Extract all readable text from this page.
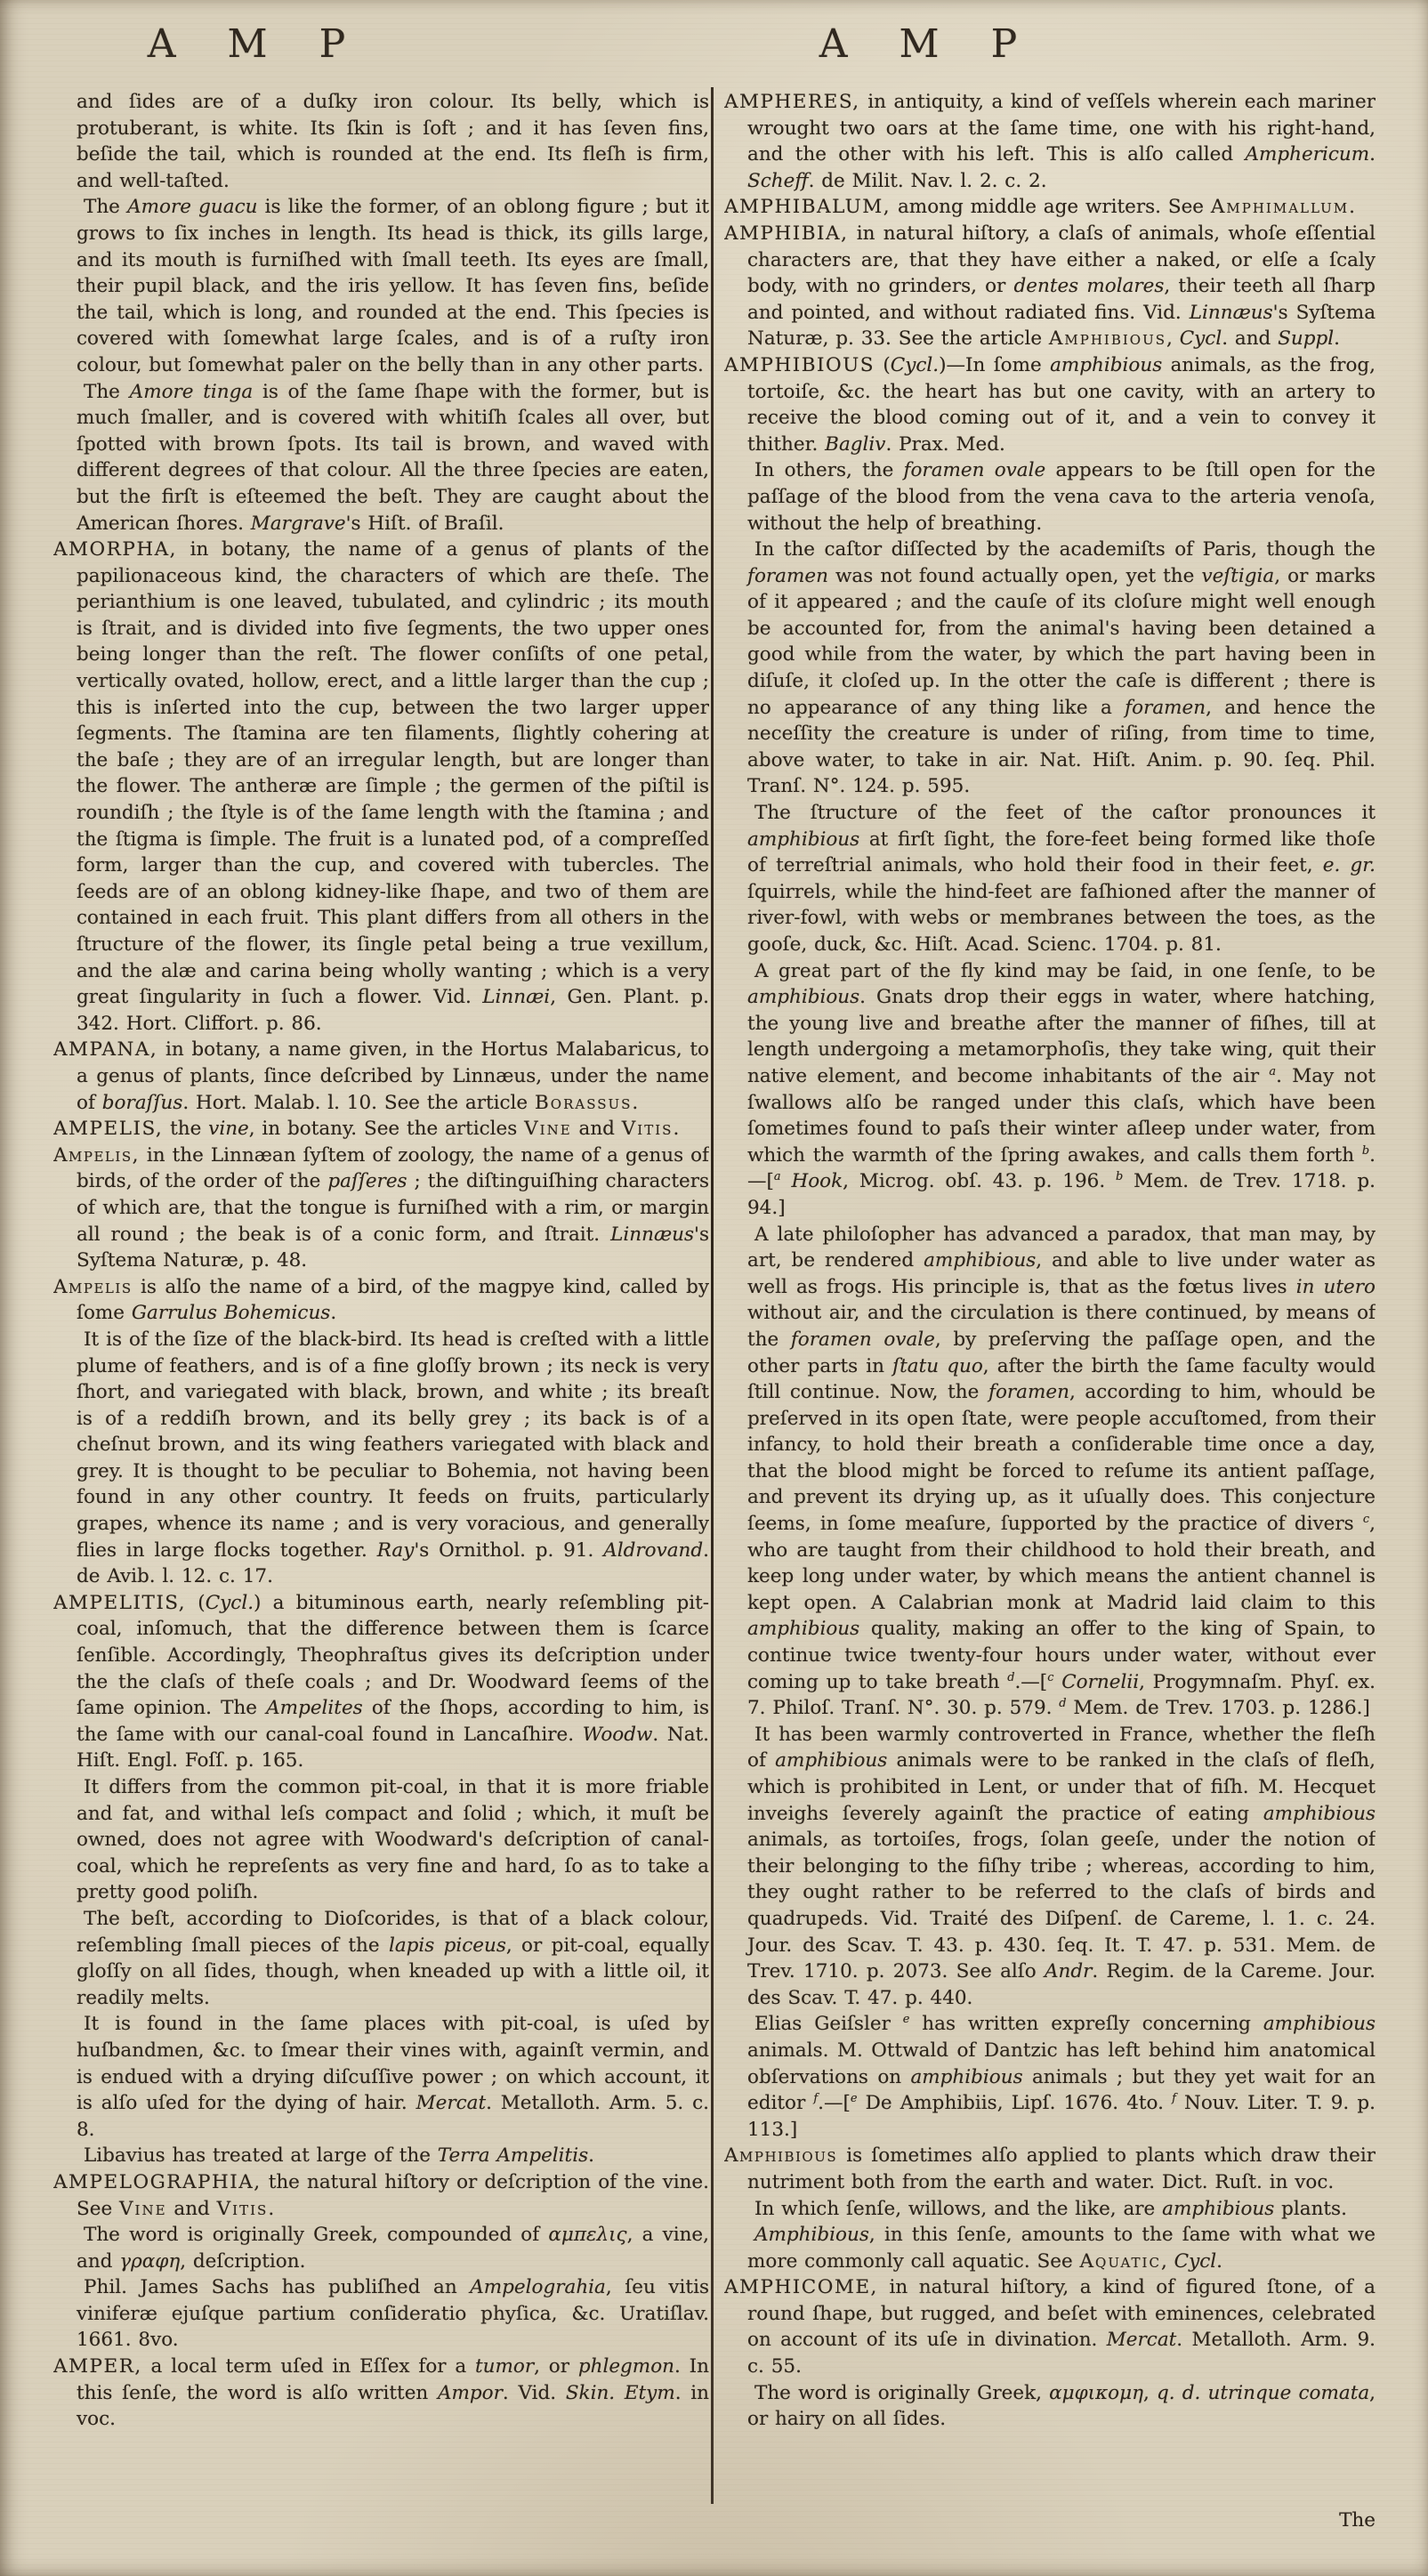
A M P	A M P

and ſides are of a duſky iron colour. Its belly, which is protuberant, is white. Its ſkin is ſoft ; and it has ſeven fins, beſide the tail, which is rounded at the end. Its fleſh is firm, and well-taſted.

The Amore guacu is like the former, of an oblong figure ; but it grows to ſix inches in length. Its head is thick, its gills large, and its mouth is furniſhed with ſmall teeth. Its eyes are ſmall, their pupil black, and the iris yellow. It has ſeven fins, beſide the tail, which is long, and rounded at the end. This ſpecies is covered with ſomewhat large ſcales, and is of a ruſty iron colour, but ſomewhat paler on the belly than in any other parts.

The Amore tinga is of the ſame ſhape with the former, but is much ſmaller, and is covered with whitiſh ſcales all over, but ſpotted with brown ſpots. Its tail is brown, and waved with different degrees of that colour. All the three ſpecies are eaten, but the firſt is eſteemed the beſt. They are caught about the American ſhores. Margrave's Hiſt. of Braſil.

AMORPHA, in botany, the name of a genus of plants of the papilionaceous kind, the characters of which are theſe. The perianthium is one leaved, tubulated, and cylindric ; its mouth is ſtrait, and is divided into five ſegments, the two upper ones being longer than the reſt. The flower conſiſts of one petal, vertically ovated, hollow, erect, and a little larger than the cup ; this is inſerted into the cup, between the two larger upper ſegments. The ſtamina are ten filaments, ſlightly cohering at the baſe ; they are of an irregular length, but are longer than the flower. The antheræ are ſimple ; the germen of the piſtil is roundiſh ; the ſtyle is of the ſame length with the ſtamina ; and the ſtigma is ſimple. The fruit is a lunated pod, of a compreſſed form, larger than the cup, and covered with tubercles. The ſeeds are of an oblong kidney-like ſhape, and two of them are contained in each fruit. This plant differs from all others in the ſtructure of the flower, its ſingle petal being a true vexillum, and the alæ and carina being wholly wanting ; which is a very great ſingularity in ſuch a flower. Vid. Linnæi, Gen. Plant. p. 342. Hort. Cliffort. p. 86.

AMPANA, in botany, a name given, in the Hortus Malabaricus, to a genus of plants, ſince deſcribed by Linnæus, under the name of boraſſus. Hort. Malab. l. 10. See the article Borassus.

AMPELIS, the vine, in botany. See the articles Vine and Vitis.

Ampelis, in the Linnæan ſyſtem of zoology, the name of a genus of birds, of the order of the paſſeres ; the diſtinguiſhing characters of which are, that the tongue is furniſhed with a rim, or margin all round ; the beak is of a conic form, and ſtrait. Linnæus's Syſtema Naturæ, p. 48.

Ampelis is alſo the name of a bird, of the magpye kind, called by ſome Garrulus Bohemicus.

It is of the ſize of the black-bird. Its head is creſted with a little plume of feathers, and is of a fine gloſſy brown ; its neck is very ſhort, and variegated with black, brown, and white ; its breaſt is of a reddiſh brown, and its belly grey ; its back is of a cheſnut brown, and its wing feathers variegated with black and grey. It is thought to be peculiar to Bohemia, not having been found in any other country. It feeds on fruits, particularly grapes, whence its name ; and is very voracious, and generally flies in large flocks together. Ray's Ornithol. p. 91. Aldrovand. de Avib. l. 12. c. 17.

AMPELITIS, (Cycl.) a bituminous earth, nearly reſembling pit-coal, inſomuch, that the difference between them is ſcarce ſenſible. Accordingly, Theophraſtus gives its deſcription under the the claſs of theſe coals ; and Dr. Woodward ſeems of the ſame opinion. The Ampelites of the ſhops, according to him, is the ſame with our canal-coal found in Lancaſhire. Woodw. Nat. Hiſt. Engl. Foſſ. p. 165.

It differs from the common pit-coal, in that it is more friable and fat, and withal leſs compact and ſolid ; which, it muſt be owned, does not agree with Woodward's deſcription of canal-coal, which he repreſents as very fine and hard, ſo as to take a pretty good poliſh.

The beſt, according to Dioſcorides, is that of a black colour, reſembling ſmall pieces of the lapis piceus, or pit-coal, equally gloſſy on all ſides, though, when kneaded up with a little oil, it readily melts.

It is found in the ſame places with pit-coal, is uſed by huſbandmen, &c. to ſmear their vines with, againſt vermin, and is endued with a drying diſcuſſive power ; on which account, it is alſo uſed for the dying of hair. Mercat. Metalloth. Arm. 5. c. 8.

Libavius has treated at large of the Terra Ampelitis.

AMPELOGRAPHIA, the natural hiſtory or deſcription of the vine. See Vine and Vitis.

The word is originally Greek, compounded of αμπελις, a vine, and γραφη, deſcription.

Phil. James Sachs has publiſhed an Ampelograhia, ſeu vitis viniferæ ejuſque partium conſideratio phyſica, &c. Uratiſlav. 1661. 8vo.

AMPER, a local term uſed in Eſſex for a tumor, or phlegmon. In this ſenſe, the word is alſo written Ampor. Vid. Skin. Etym. in voc.

AMPHERES, in antiquity, a kind of veſſels wherein each mariner wrought two oars at the ſame time, one with his right-hand, and the other with his left. This is alſo called Amphericum. Scheff. de Milit. Nav. l. 2. c. 2.

AMPHIBALUM, among middle age writers. See Amphimallum.

AMPHIBIA, in natural hiſtory, a claſs of animals, whoſe eſſential characters are, that they have either a naked, or elſe a ſcaly body, with no grinders, or dentes molares, their teeth all ſharp and pointed, and without radiated fins. Vid. Linnæus's Syſtema Naturæ, p. 33. See the article Amphibious, Cycl. and Suppl.

AMPHIBIOUS (Cycl.)—In ſome amphibious animals, as the frog, tortoiſe, &c. the heart has but one cavity, with an artery to receive the blood coming out of it, and a vein to convey it thither. Bagliv. Prax. Med.

In others, the foramen ovale appears to be ſtill open for the paſſage of the blood from the vena cava to the arteria venoſa, without the help of breathing.

In the caſtor diſſected by the academiſts of Paris, though the foramen was not found actually open, yet the veſtigia, or marks of it appeared ; and the cauſe of its cloſure might well enough be accounted for, from the animal's having been detained a good while from the water, by which the part having been in diſuſe, it cloſed up. In the otter the caſe is different ; there is no appearance of any thing like a foramen, and hence the neceſſity the creature is under of riſing, from time to time, above water, to take in air. Nat. Hiſt. Anim. p. 90. ſeq. Phil. Tranſ. N°. 124. p. 595.

The ſtructure of the feet of the caſtor pronounces it amphibious at firſt ſight, the fore-feet being formed like thoſe of terreſtrial animals, who hold their food in their feet, e. gr. ſquirrels, while the hind-feet are faſhioned after the manner of river-fowl, with webs or membranes between the toes, as the gooſe, duck, &c. Hiſt. Acad. Scienc. 1704. p. 81.

A great part of the fly kind may be ſaid, in one ſenſe, to be amphibious. Gnats drop their eggs in water, where hatching, the young live and breathe after the manner of fiſhes, till at length undergoing a metamorphoſis, they take wing, quit their native element, and become inhabitants of the air $^a$. May not ſwallows alſo be ranged under this claſs, which have been ſometimes found to paſs their winter aſleep under water, from which the warmth of the ſpring awakes, and calls them forth $^b$.—[$^a$ Hook, Microg. obſ. 43. p. 196. $^b$ Mem. de Trev. 1718. p. 94.]

A late philoſopher has advanced a paradox, that man may, by art, be rendered amphibious, and able to live under water as well as frogs. His principle is, that as the fœtus lives in utero without air, and the circulation is there continued, by means of the foramen ovale, by preſerving the paſſage open, and the other parts in ſtatu quo, after the birth the ſame faculty would ſtill continue. Now, the foramen, according to him, whould be preſerved in its open ſtate, were people accuſtomed, from their infancy, to hold their breath a conſiderable time once a day, that the blood might be forced to reſume its antient paſſage, and prevent its drying up, as it uſually does. This conjecture ſeems, in ſome meaſure, ſupported by the practice of divers $^c$, who are taught from their childhood to hold their breath, and keep long under water, by which means the antient channel is kept open. A Calabrian monk at Madrid laid claim to this amphibious quality, making an offer to the king of Spain, to continue twice twenty-four hours under water, without ever coming up to take breath $^d$.—[$^c$ Cornelii, Progymnaſm. Phyſ. ex. 7. Philoſ. Tranſ. N°. 30. p. 579. $^d$ Mem. de Trev. 1703. p. 1286.]

It has been warmly controverted in France, whether the fleſh of amphibious animals were to be ranked in the claſs of fleſh, which is prohibited in Lent, or under that of fiſh. M. Hecquet inveighs ſeverely againſt the practice of eating amphibious animals, as tortoiſes, frogs, ſolan geeſe, under the notion of their belonging to the fiſhy tribe ; whereas, according to him, they ought rather to be referred to the claſs of birds and quadrupeds. Vid. Traité des Diſpenſ. de Careme, l. 1. c. 24. Jour. des Scav. T. 43. p. 430. ſeq. It. T. 47. p. 531. Mem. de Trev. 1710. p. 2073. See alſo Andr. Regim. de la Careme. Jour. des Scav. T. 47. p. 440.

Elias Geiſsler $^e$ has written expreſly concerning amphibious animals. M. Ottwald of Dantzic has left behind him anatomical obſervations on amphibious animals ; but they yet wait for an editor $^f$.—[$^e$ De Amphibiis, Lipſ. 1676. 4to. $^f$ Nouv. Liter. T. 9. p. 113.]

Amphibious is ſometimes alſo applied to plants which draw their nutriment both from the earth and water. Dict. Ruſt. in voc.

In which ſenſe, willows, and the like, are amphibious plants.

Amphibious, in this ſenſe, amounts to the ſame with what we more commonly call aquatic. See Aquatic, Cycl.

AMPHICOME, in natural hiſtory, a kind of figured ſtone, of a round ſhape, but rugged, and beſet with eminences, celebrated on account of its uſe in divination. Mercat. Metalloth. Arm. 9. c. 55.

The word is originally Greek, αμφικομη, q. d. utrinque comata, or hairy on all ſides.

The
